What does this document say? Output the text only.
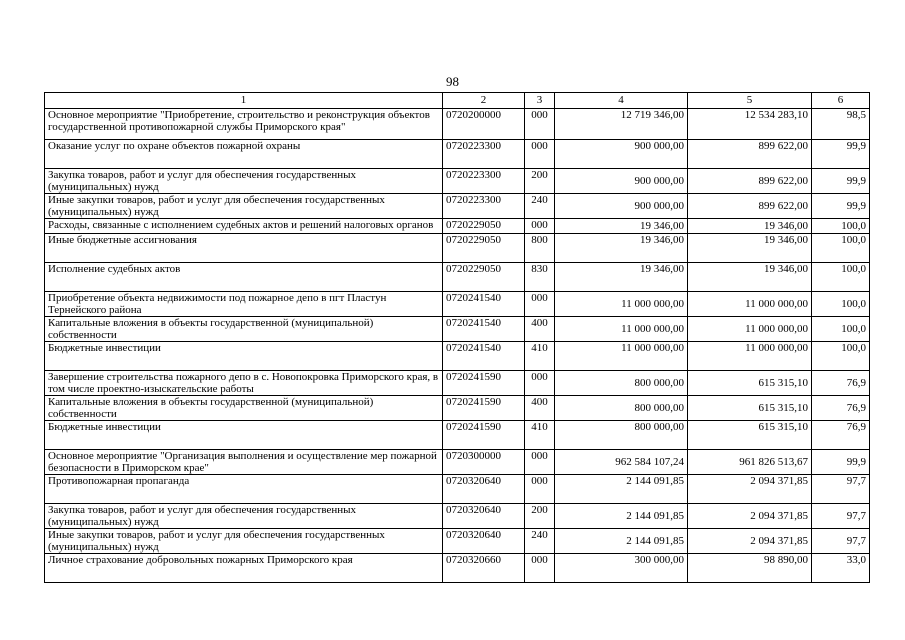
98
1	2	3	4	5	6
Основное мероприятие "Приобретение, строительство и реконструкция объектов государственной противопожарной службы Приморского края"	0720200000	000	12 719 346,00	12 534 283,10	98,5
Оказание услуг по охране объектов пожарной охраны	0720223300	000	900 000,00	899 622,00	99,9
Закупка товаров, работ и услуг для обеспечения государственных (муниципальных) нужд	0720223300	200	900 000,00	899 622,00	99,9
Иные закупки товаров, работ и услуг для обеспечения государственных (муниципальных) нужд	0720223300	240	900 000,00	899 622,00	99,9
Расходы, связанные с исполнением судебных актов и решений налоговых органов	0720229050	000	19 346,00	19 346,00	100,0
Иные бюджетные ассигнования	0720229050	800	19 346,00	19 346,00	100,0
Исполнение судебных актов	0720229050	830	19 346,00	19 346,00	100,0
Приобретение объекта недвижимости под пожарное депо в пгт Пластун Тернейского района	0720241540	000	11 000 000,00	11 000 000,00	100,0
Капитальные вложения в объекты государственной (муниципальной) собственности	0720241540	400	11 000 000,00	11 000 000,00	100,0
Бюджетные инвестиции	0720241540	410	11 000 000,00	11 000 000,00	100,0
Завершение строительства пожарного депо в с. Новопокровка Приморского края, в том числе проектно-изыскательские работы	0720241590	000	800 000,00	615 315,10	76,9
Капитальные вложения в объекты государственной (муниципальной) собственности	0720241590	400	800 000,00	615 315,10	76,9
Бюджетные инвестиции	0720241590	410	800 000,00	615 315,10	76,9
Основное мероприятие "Организация выполнения и осуществление мер пожарной безопасности в Приморском крае"	0720300000	000	962 584 107,24	961 826 513,67	99,9
Противопожарная пропаганда	0720320640	000	2 144 091,85	2 094 371,85	97,7
Закупка товаров, работ и услуг для обеспечения государственных (муниципальных) нужд	0720320640	200	2 144 091,85	2 094 371,85	97,7
Иные закупки товаров, работ и услуг для обеспечения государственных (муниципальных) нужд	0720320640	240	2 144 091,85	2 094 371,85	97,7
Личное страхование добровольных пожарных Приморского края	0720320660	000	300 000,00	98 890,00	33,0
